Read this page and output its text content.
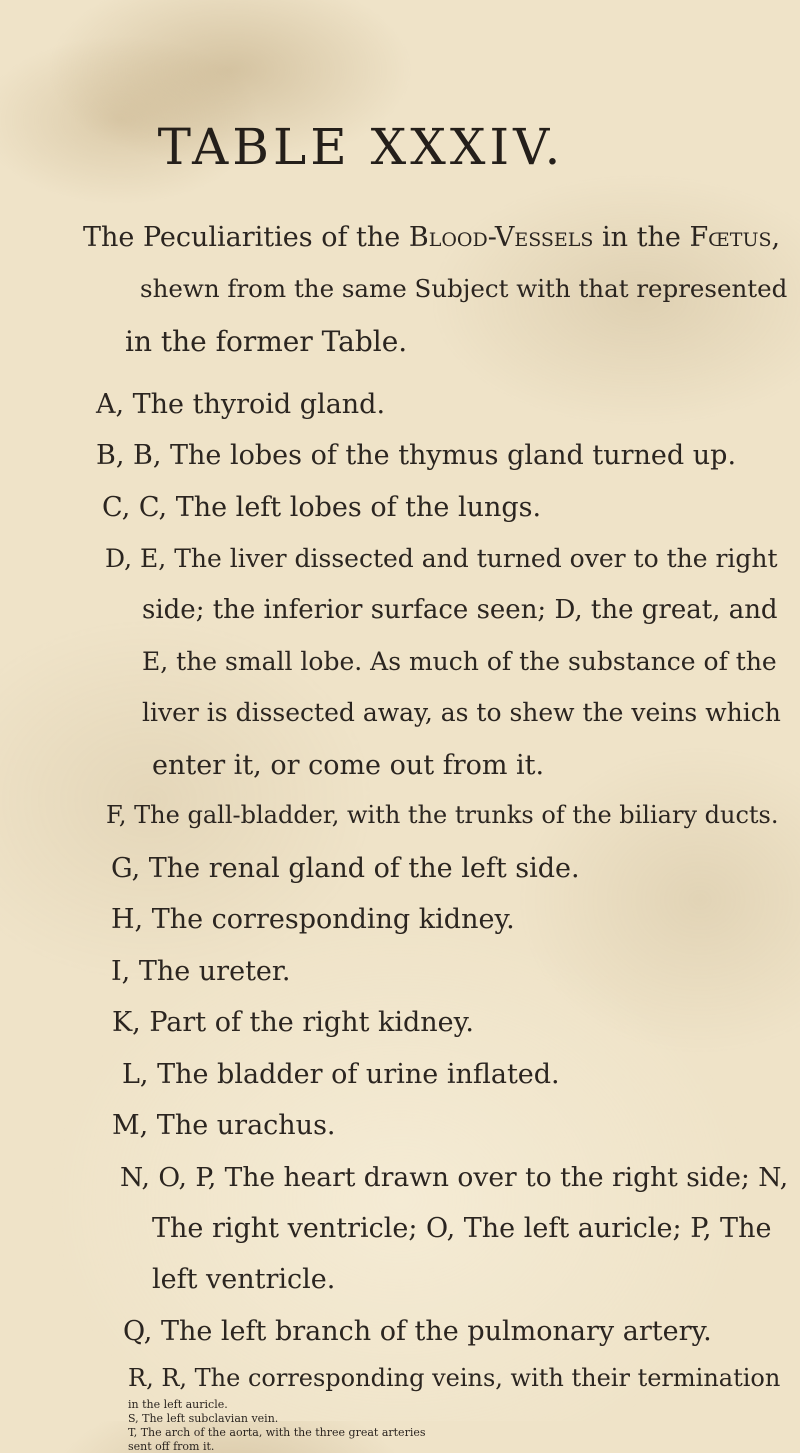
TABLE XXXIV.
The Peculiarities of the Blood-Vessels in the Fœtus,
shewn from the same Subject with that represented
in the former Table.
A, The thyroid gland.
B, B, The lobes of the thymus gland turned up.
C, C, The left lobes of the lungs.
D, E, The liver dissected and turned over to the right
side; the inferior surface seen; D, the great, and
E, the small lobe. As much of the substance of the
liver is dissected away, as to shew the veins which
enter it, or come out from it.
F, The gall-bladder, with the trunks of the biliary ducts.
G, The renal gland of the left side.
H, The corresponding kidney.
I, The ureter.
K, Part of the right kidney.
L, The bladder of urine inflated.
M, The urachus.
N, O, P, The heart drawn over to the right side; N,
The right ventricle; O, The left auricle; P, The
left ventricle.
Q, The left branch of the pulmonary artery.
R, R, The corresponding veins, with their termination
in the left auricle.
S, The left subclavian vein.
T, The arch of the aorta, with the three great arteries
sent off from it.
